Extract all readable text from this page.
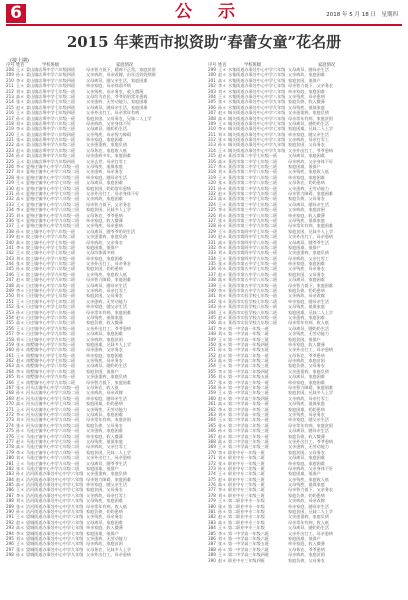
6	公 示	2018 年 5 月 18 日　星期四
2015 年莱西市拟资助“春蕾女童”花名册
(接上期)
序号 姓名	学校班级	家庭情况	序号 姓名	学校班级	家庭情况
208 王＊ 姜山镇店埠中学六年级四班	母亲智力低下，精神不正常，家庭贫困
209 孙＊ 姜山镇店埠中学六年级四班	父亲病故，母亲改嫁，由年迈奶奶照顾
210 李＊ 姜山镇店埠中学六年级四班	父母离异，随父亲生活，家庭困难
211 王＊ 姜山镇店埠中学六年级四班	单亲家庭，母亲体弱多病
212 刘＊ 姜山镇店埠中学七年级一班	父亲残疾，母亲务农，收入微薄
213 高＊ 姜山镇店埠中学七年级二班	父母均为农民，爷爷奶奶常年患病
214 张＊ 姜山镇店埠中学七年级三班	父亲患病，无劳动能力，家庭困难
215 赵＊ 姜山镇店埠中学七年级四班	父母离异，随母亲生活，家庭困难
216 王＊ 姜山镇店埠中学七年级四班	父亲外出打工，母亲常年有病
217 孙＊ 姜山镇店埠中学八年级一班	家庭贫困，父母务农，兄妹二人上学
218 刘＊ 姜山镇店埠中学八年级二班	母亲病故，父亲身体不好
219 李＊ 姜山镇店埠中学八年级三班	父母离异，随奶奶生活
220 王＊ 姜山镇店埠中学八年级四班	父亲残疾，母亲智力障碍
221 张＊ 姜山镇店埠中学九年级一班	单亲家庭，家庭困难
222 高＊ 姜山镇店埠中学九年级二班	父亲患重病，家庭负债
223 赵＊ 姜山镇店埠中学九年级二班	父母务农，家庭收入低
224 孙＊ 姜山镇店埠中学九年级三班	母亲患病多年，家庭困难
225 王＊ 姜山镇店埠中学九年级四班	父亲去世，母亲打零工
226 李＊ 夏格庄镇中心中学六年级一班	父母残疾，低保家庭
227 刘＊ 夏格庄镇中心中学六年级二班	父亲患病，母亲务农
228 张＊ 夏格庄镇中心中学六年级三班	单亲家庭，随母亲生活
229 王＊ 夏格庄镇中心中学七年级一班	父母离异，家庭困难
230 赵＊ 夏格庄镇中心中学七年级二班	家庭贫困，奶奶常年患病
231 孙＊ 夏格庄镇中心中学七年级三班	父亲外出打工，母亲身体不好
232 高＊ 夏格庄镇中心中学八年级一班	父亲病故，家庭困难
233 王＊ 夏格庄镇中心中学八年级二班	母亲智力低下，父亲务农
234 李＊ 夏格庄镇中心中学八年级三班	家庭贫困，兄妹多人上学
235 刘＊ 夏格庄镇中心中学九年级一班	父母务农，爷爷患病
236 张＊ 夏格庄镇中心中学九年级二班	单亲家庭，收入微薄
237 王＊ 夏格庄镇中心中学九年级三班	父亲残疾，母亲患病
238 孙＊ 院上镇中心中学六年级一班	父母离异，随爷爷奶奶生活
239 赵＊ 院上镇中心中学六年级二班	父亲患重病，家庭负债
240 高＊ 院上镇中心中学七年级一班	母亲病故，父亲务农
241 李＊ 院上镇中心中学七年级二班	家庭困难，低保户
242 王＊ 院上镇中心中学七年级三班	父母均体弱多病
243 刘＊ 院上镇中心中学八年级一班	单亲家庭，家庭困难
244 张＊ 院上镇中心中学八年级二班	父亲外出打工，母亲务农
245 孙＊ 院上镇中心中学八年级三班	家庭贫困，奶奶患病
246 王＊ 院上镇中心中学九年级一班	父亲残疾，家庭收入低
247 赵＊ 院上镇中心中学九年级二班	母亲智力障碍，家庭困难
248 高＊ 日庄镇中心中学六年级一班	父母离异，随母亲生活
249 李＊ 日庄镇中心中学六年级二班	父亲病故，母亲打零工
250 刘＊ 日庄镇中心中学七年级一班	家庭贫困，父母务农
251 王＊ 日庄镇中心中学七年级二班	父亲患病，无劳动能力
252 张＊ 日庄镇中心中学七年级三班	单亲家庭，随父亲生活
253 孙＊ 日庄镇中心中学八年级一班	母亲常年有病，家庭困难
254 赵＊ 日庄镇中心中学八年级二班	父母残疾，低保家庭
255 高＊ 日庄镇中心中学八年级三班	家庭负债，收入微薄
256 王＊ 日庄镇中心中学九年级一班	父亲外出打工，爷爷患病
257 李＊ 日庄镇中心中学九年级二班	父母离异，家庭困难
258 刘＊ 日庄镇中心中学九年级三班	父亲病故，家庭贫困
259 张＊ 南墅镇中心中学六年级一班	家庭困难，兄妹多人上学
260 孙＊ 南墅镇中心中学六年级二班	母亲患病，父亲务农
261 王＊ 南墅镇中心中学七年级一班	单亲家庭，家庭困难
262 赵＊ 南墅镇中心中学七年级二班	父亲残疾，母亲务农
263 高＊ 南墅镇中心中学八年级一班	父母离异，随奶奶生活
264 李＊ 南墅镇中心中学八年级二班	家庭贫困，低保户
265 刘＊ 南墅镇中心中学九年级一班	父亲患重病，家庭负债
266 王＊ 南墅镇中心中学九年级二班	母亲智力低下，家庭困难
267 张＊ 河头店镇中心中学六年级一班	父母务农，收入低
268 孙＊ 河头店镇中心中学六年级二班	父亲病故，母亲改嫁
269 赵＊ 河头店镇中心中学七年级一班	单亲家庭，随母亲生活
270 高＊ 河头店镇中心中学七年级二班	家庭困难，奶奶患病
271 王＊ 河头店镇中心中学八年级一班	父亲残疾，无劳动能力
272 李＊ 河头店镇中心中学八年级二班	父母离异，家庭困难
273 刘＊ 河头店镇中心中学九年级一班	母亲常年有病，家庭贫困
274 张＊ 河头店镇中心中学九年级二班	家庭负债，父母务农
275 孙＊ 马连庄镇中心中学六年级一班	父亲患病，家庭困难
276 王＊ 马连庄镇中心中学六年级二班	单亲家庭，收入微薄
277 赵＊ 马连庄镇中心中学七年级一班	父母残疾，低保家庭
278 高＊ 马连庄镇中心中学七年级二班	母亲病故，父亲打零工
279 李＊ 马连庄镇中心中学八年级一班	家庭贫困，兄妹二人上学
280 刘＊ 马连庄镇中心中学八年级二班	父亲外出打工，母亲患病
281 王＊ 马连庄镇中心中学九年级一班	父母离异，随爷爷生活
282 张＊ 马连庄镇中心中学九年级二班	家庭困难，低保户
283 孙＊ 沽河街道办事处中心中学六年级 父亲患重病，家庭负债
284 赵＊ 沽河街道办事处中心中学六年级 母亲智力障碍，家庭困难
285 高＊ 沽河街道办事处中心中学七年级 单亲家庭，随父亲生活
286 王＊ 沽河街道办事处中心中学七年级 家庭贫困，父母务农
287 李＊ 沽河街道办事处中心中学八年级 父亲病故，母亲打零工
288 刘＊ 沽河街道办事处中心中学八年级 父母残疾，家庭困难
289 张＊ 沽河街道办事处中心中学九年级 母亲常年有病，收入低
290 孙＊ 沽河街道办事处中心中学九年级 家庭负债，奶奶患病
291 王＊ 望城街道办事处中心中学六年级 父亲残疾，母亲务农
292 赵＊ 望城街道办事处中心中学六年级 父母离异，家庭困难
293 高＊ 望城街道办事处中心中学七年级 单亲家庭，收入微薄
294 李＊ 望城街道办事处中心中学七年级 家庭困难，低保户
295 刘＊ 望城街道办事处中心中学八年级 父亲患病，无劳动能力
296 王＊ 望城街道办事处中心中学八年级 母亲病故，家庭贫困
297 张＊ 望城街道办事处中心中学九年级 父母务农，兄妹多人上学
298 孙＊ 望城街道办事处中心中学九年级 父亲外出打工，母亲患病
299 王＊ 水集街道办事处中心中学六年级 父母离异，随母亲生活
300 赵＊ 水集街道办事处中心中学六年级 父亲病故，家庭困难
301 高＊ 水集街道办事处中心中学七年级 家庭贫困，低保户
302 李＊ 水集街道办事处中心中学七年级 母亲智力低下，父亲务农
303 刘＊ 水集街道办事处中心中学八年级 单亲家庭，家庭困难
304 王＊ 水集街道办事处中心中学八年级 父亲残疾，母亲患病
305 张＊ 水集街道办事处中心中学九年级 家庭负债，收入微薄
306 孙＊ 水集街道办事处中心中学九年级 父母残疾，低保家庭
307 赵＊ 城关街道办事处中心中学六年级 父亲患重病，家庭负债
308 高＊ 城关街道办事处中心中学六年级 母亲常年有病，家庭贫困
309 王＊ 城关街道办事处中心中学七年级 父母离异，随奶奶生活
310 李＊ 城关街道办事处中心中学七年级 家庭困难，兄妹二人上学
311 刘＊ 城关街道办事处中心中学八年级 单亲家庭，随父亲生活
312 张＊ 城关街道办事处中心中学八年级 父亲病故，母亲打零工
313 孙＊ 城关街道办事处中心中学九年级 家庭贫困，父母务农
314 王＊ 城关街道办事处中心中学九年级 父亲外出打工，爷爷患病
315 赵＊ 莱西市第二中学七年级一班	父母离异，家庭困难
316 高＊ 莱西市第二中学七年级二班	母亲病故，父亲身体不好
317 李＊ 莱西市第二中学七年级三班	家庭困难，低保户
318 刘＊ 莱西市第二中学八年级一班	父亲残疾，家庭收入低
319 王＊ 莱西市第二中学八年级二班	单亲家庭，家庭困难
320 张＊ 莱西市第二中学八年级三班	父母务农，奶奶患病
321 孙＊ 莱西市第二中学九年级一班	父亲患病，无劳动能力
322 赵＊ 莱西市第二中学九年级二班	母亲智力障碍，家庭困难
323 高＊ 莱西市第三中学七年级一班	家庭负债，父母务农
324 王＊ 莱西市第三中学七年级二班	父母离异，随母亲生活
325 李＊ 莱西市第三中学八年级一班	父亲病故，家庭贫困
326 刘＊ 莱西市第三中学八年级二班	单亲家庭，收入微薄
327 张＊ 莱西市第三中学九年级一班	父母残疾，低保家庭
328 孙＊ 莱西市第三中学九年级二班	母亲常年有病，家庭困难
329 王＊ 莱西市第四中学七年级一班	家庭贫困，兄妹多人上学
330 赵＊ 莱西市第四中学七年级二班	父亲外出打工，母亲患病
331 高＊ 莱西市第四中学八年级一班	父母离异，随爷爷生活
332 李＊ 莱西市第四中学八年级二班	家庭困难，低保户
333 刘＊ 莱西市第四中学九年级一班	父亲患重病，家庭负债
334 王＊ 莱西市第四中学九年级二班	母亲病故，父亲打零工
335 张＊ 莱西市第五中学七年级一班	单亲家庭，家庭困难
336 孙＊ 莱西市第五中学七年级二班	父亲残疾，母亲务农
337 赵＊ 莱西市第五中学八年级一班	家庭贫困，父母务农
338 高＊ 莱西市第五中学八年级二班	父母离异，家庭困难
339 王＊ 莱西市第五中学九年级一班	母亲智力低下，家庭困难
340 李＊ 莱西市第五中学九年级二班	家庭负债，奶奶患病
341 刘＊ 莱西市实验学校七年级一班	父亲病故，母亲改嫁
342 张＊ 莱西市实验学校七年级二班	单亲家庭，随母亲生活
343 孙＊ 莱西市实验学校八年级一班	父母残疾，低保家庭
344 王＊ 莱西市实验学校八年级二班	家庭困难，兄妹二人上学
345 赵＊ 莱西市实验学校九年级一班	父亲患病，家庭困难
346 高＊ 莱西市实验学校九年级二班	母亲常年有病，收入低
347 李＊ 第一中学高一年级一班	父母离异，随奶奶生活
348 刘＊ 第一中学高一年级二班	父亲残疾，无劳动能力
349 王＊ 第一中学高一年级三班	家庭贫困，低保户
350 张＊ 第一中学高一年级四班	单亲家庭，收入微薄
351 孙＊ 第一中学高一年级五班	父亲外出打工，母亲患病
352 赵＊ 第一中学高二年级一班	父母务农，爷爷患病
353 高＊ 第一中学高二年级二班	母亲病故，家庭贫困
354 王＊ 第一中学高二年级三班	家庭负债，父母务农
355 李＊ 第一中学高二年级四班	父亲患重病，家庭负债
356 刘＊ 第一中学高二年级五班	父母离异，家庭困难
357 张＊ 第一中学高三年级一班	单亲家庭，家庭困难
358 孙＊ 第一中学高三年级二班	母亲智力障碍，家庭困难
359 王＊ 第一中学高三年级三班	家庭贫困，兄妹多人上学
360 赵＊ 第一中学高三年级四班	父亲病故，母亲打零工
361 高＊ 第二中学高一年级一班	父母残疾，低保家庭
362 李＊ 第二中学高一年级二班	家庭困难，奶奶患病
363 刘＊ 第二中学高一年级三班	父亲残疾，母亲务农
364 王＊ 第二中学高二年级一班	单亲家庭，随父亲生活
365 张＊ 第二中学高二年级二班	母亲常年有病，家庭贫困
366 孙＊ 第二中学高二年级三班	父母离异，随母亲生活
367 赵＊ 第二中学高三年级一班	家庭负债，收入微薄
368 高＊ 第二中学高三年级二班	父亲外出打工，爷爷患病
369 王＊ 第二中学高三年级三班	父亲患病，无劳动能力
370 李＊ 职业中专一年级一班	家庭贫困，父母务农
371 刘＊ 职业中专一年级二班	父母离异，家庭困难
372 张＊ 职业中专一年级三班	单亲家庭，家庭困难
373 孙＊ 职业中专二年级一班	母亲病故，父亲身体不好
374 王＊ 职业中专二年级二班	家庭困难，低保户
375 赵＊ 职业中专二年级三班	父亲残疾，家庭收入低
376 高＊ 职业中专三年级一班	父母残疾，低保家庭
377 李＊ 职业中专三年级二班	母亲智力低下，父亲务农
378 刘＊ 职业中专三年级三班	家庭负债，奶奶患病
379 王＊ 第二职业中专一年级	父亲病故，母亲改嫁
380 张＊ 第二职业中专一年级	单亲家庭，随母亲生活
381 孙＊ 第二职业中专二年级	家庭贫困，兄妹二人上学
382 赵＊ 第二职业中专二年级	父亲患重病，家庭负债
383 高＊ 第二职业中专三年级	母亲常年有病，收入低
384 王＊ 第二职业中专三年级	父母离异，随奶奶生活
385 李＊ 第一中学高一年级六班	父亲外出打工，母亲患病
386 刘＊ 第一中学高二年级六班	家庭困难，低保户
387 张＊ 第一中学高三年级五班	单亲家庭，收入微薄
388 孙＊ 第一中学高三年级六班	父母务农，爷爷患病
389 王＊ 第二中学高三年级四班	母亲病故，家庭贫困
390 赵＊ 职业中专三年级四班	家庭负债，父母务农
